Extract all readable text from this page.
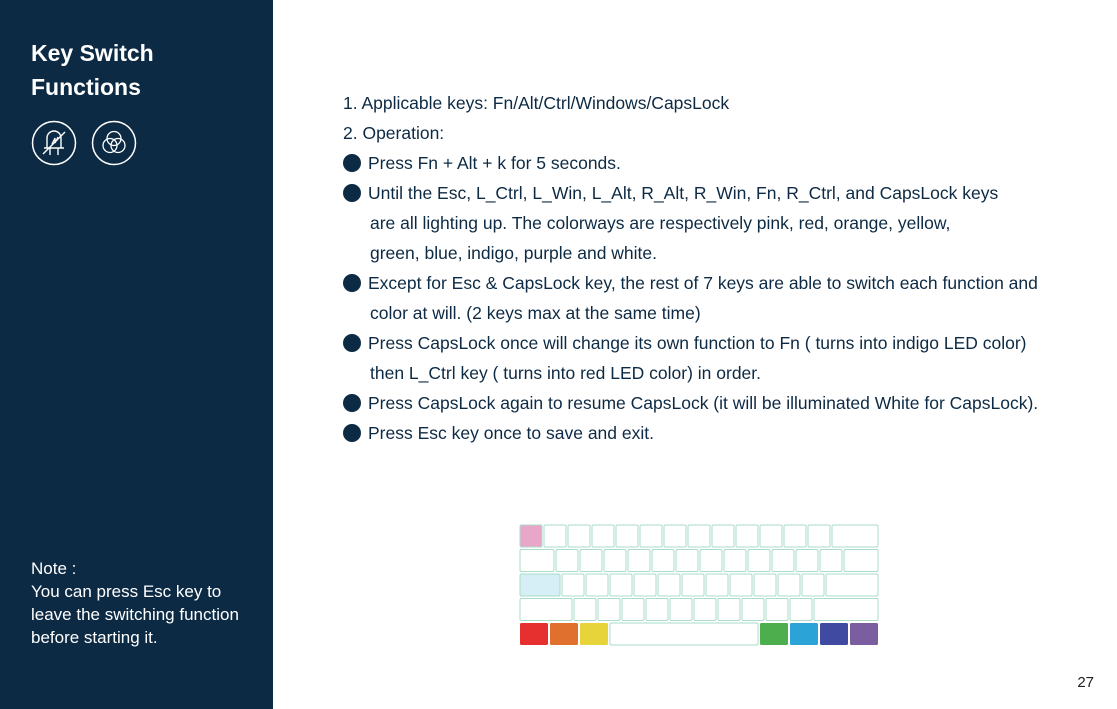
Key Switch
Functions
Note :
You can press Esc key to leave the switching function before starting it.
1. Applicable keys: Fn/Alt/Ctrl/Windows/CapsLock
2. Operation:
Press Fn + Alt + k for 5 seconds.
Until the Esc, L_Ctrl, L_Win, L_Alt, R_Alt, R_Win, Fn, R_Ctrl, and CapsLock keys
are all lighting up. The colorways are respectively pink, red, orange, yellow,
green, blue, indigo, purple and white.
Except for Esc & CapsLock key, the rest of 7 keys are able to switch each function and
color at will. (2 keys max at the same time)
Press CapsLock once will change its own function to Fn ( turns into indigo LED color)
then L_Ctrl key ( turns into red LED color) in order.
Press CapsLock again to resume CapsLock (it will be illuminated White for CapsLock).
Press Esc key once to save and exit.
27
